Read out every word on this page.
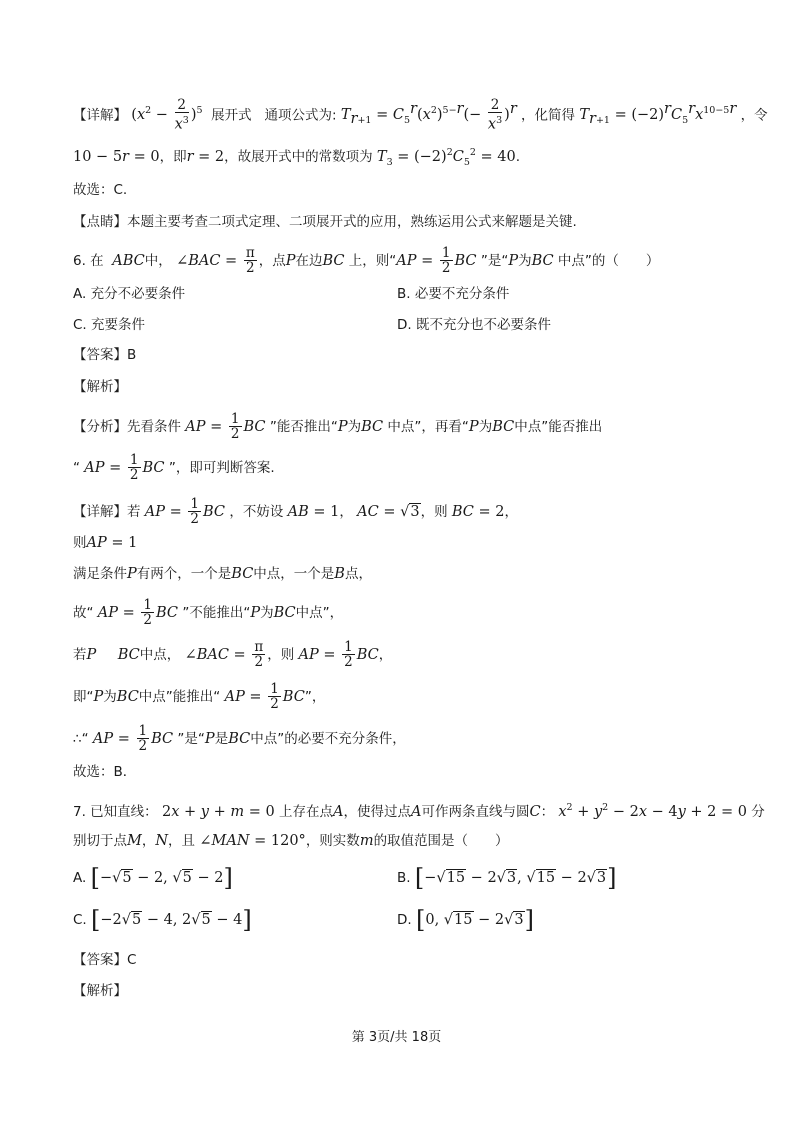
【详解】 $(x^2 - \frac{2}{x^3} )^5$ 展开式 通项公式为: $T_{r+1} = C_5^r(x^2)^{5-r}(- \frac{2}{x^3} )^r$ ，化简得 $T_{r+1} = (-2)^rC_5^rx^{10-5r}$ ，令
10 − 5r = 0，即r = 2，故展开式中的常数项为 $T_3 = (-2)^2C_5^2 = 40$.
故选：C.
【点睛】本题主要考查二项式定理、二项展开式的应用，熟练运用公式来解题是关键.
6. 在 ABC中， ∠BAC = $\frac{\pi}{2}$ ，点P在边BC 上，则“AP = $\frac{1}{2}$ BC ”是“P为BC 中点”的（　　）
A. 充分不必要条件	B. 必要不充分条件
C. 充要条件	D. 既不充分也不必要条件
【答案】B
【解析】
【分析】先看条件 AP = $\frac{1}{2}$ BC ”能否推出“P为BC 中点”，再看“P为BC中点”能否推出
“ AP = $\frac{1}{2}$ BC ”，即可判断答案.
【详解】若 AP = $\frac{1}{2}$ BC ，不妨设 AB = 1， AC = √3，则 BC = 2，
则AP = 1
满足条件P有两个，一个是BC中点，一个是B点，
故“ AP = $\frac{1}{2}$ BC ”不能推出“P为BC中点”，
若P BC中点， ∠BAC = $\frac{\pi}{2}$ ，则 AP = $\frac{1}{2}$ BC，
即“P为BC中点”能推出“ AP = $\frac{1}{2}$ BC”，
∴“ AP = $\frac{1}{2}$ BC ”是“P是BC中点”的必要不充分条件，
故选：B．
7. 已知直线： 2x + y + m = 0 上存在点A，使得过点A可作两条直线与圆C： $x^2 + y^2 - 2x - 4y + 2 = 0$ 分
别切于点M，N，且 ∠MAN = 120°，则实数m的取值范围是（　　）
A. [−√5 − 2, √5 − 2]	B. [−√15 − 2√3, √15 − 2√3]
C. [−2√5 − 4, 2√5 − 4]	D. [0, √15 − 2√3]
【答案】C
【解析】
第 3页/共 18页
